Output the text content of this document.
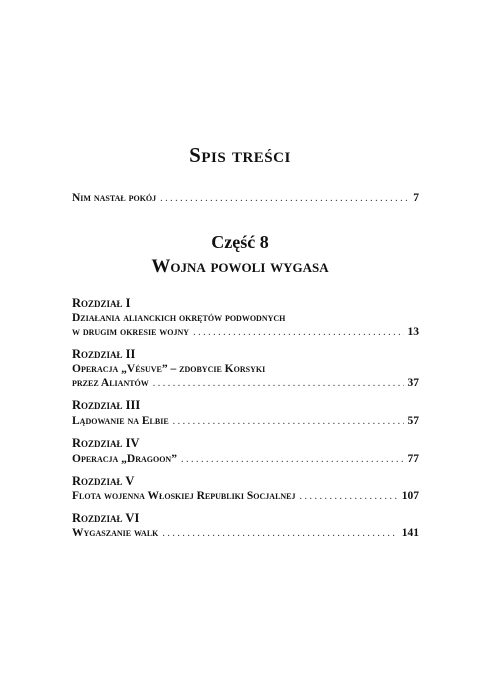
Spis treści
Nim nastał pokój . . .	7
Część 8
Wojna powoli wygasa
Rozdział I
Działania alianckich okrętów podwodnych
w drugim okresie wojny . . .	13
Rozdział II
Operacja „Vésuve” – zdobycie Korsyki
przez Aliantów . . .	37
Rozdział III
Lądowanie na Elbie . . .	57
Rozdział IV
Operacja „Dragoon” . . .	77
Rozdział V
Flota wojenna Włoskiej Republiki Socjalnej . . .	107
Rozdział VI
Wygaszanie walk . . .	141
